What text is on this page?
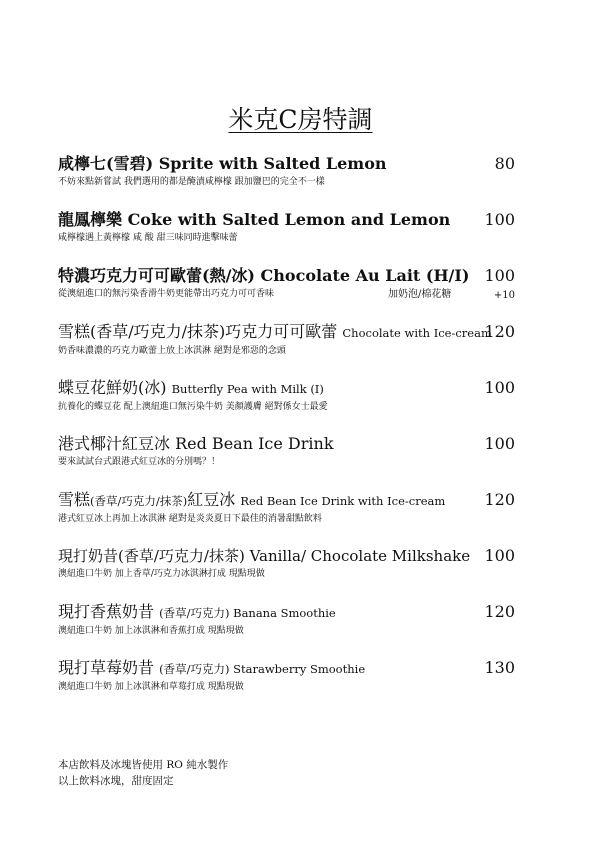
米克C房特調
咸檸七(雪碧) Sprite with Salted Lemon
不妨來點新嘗試 我們選用的都是醃漬咸檸檬 跟加鹽巴的完全不一樣
80
龍鳳檸樂 Coke with Salted Lemon and Lemon
咸檸檬遇上黃檸檬 咸 酸 甜三味同時進擊味蕾
100
特濃巧克力可可歐蕾(熱/冰) Chocolate Au Lait (H/I)
從澳紐進口的無污染香滑牛奶更能帶出巧克力可可香味
100
加奶泡/棉花糖	+10
雪糕(香草/巧克力/抹茶)巧克力可可歐蕾 Chocolate with Ice-cream
奶香味濃濃的巧克力歐蕾上放上冰淇淋 絕對是邪惡的念頭
120
蝶豆花鮮奶(冰) Butterfly Pea with Milk (I)
抗養化的蝶豆花 配上澳紐進口無污染牛奶 美顏護膚 絕對係女士最愛
100
港式椰汁紅豆冰 Red Bean Ice Drink
要來試試台式跟港式紅豆冰的分別嗎？！
100
雪糕(香草/巧克力/抹茶)紅豆冰 Red Bean Ice Drink with Ice-cream
港式紅豆冰上再加上冰淇淋 絕對是炎炎夏日下最佳的消暑甜點飲料
120
現打奶昔(香草/巧克力/抹茶) Vanilla/ Chocolate Milkshake
澳紐進口牛奶 加上香草/巧克力冰淇淋打成 現點現做
100
現打香蕉奶昔 (香草/巧克力) Banana Smoothie
澳紐進口牛奶 加上冰淇淋和香蕉打成 現點現做
120
現打草莓奶昔 (香草/巧克力) Starawberry Smoothie
澳紐進口牛奶 加上冰淇淋和草莓打成 現點現做
130
本店飲料及冰塊皆使用 RO 純水製作
以上飲料冰塊，甜度固定
